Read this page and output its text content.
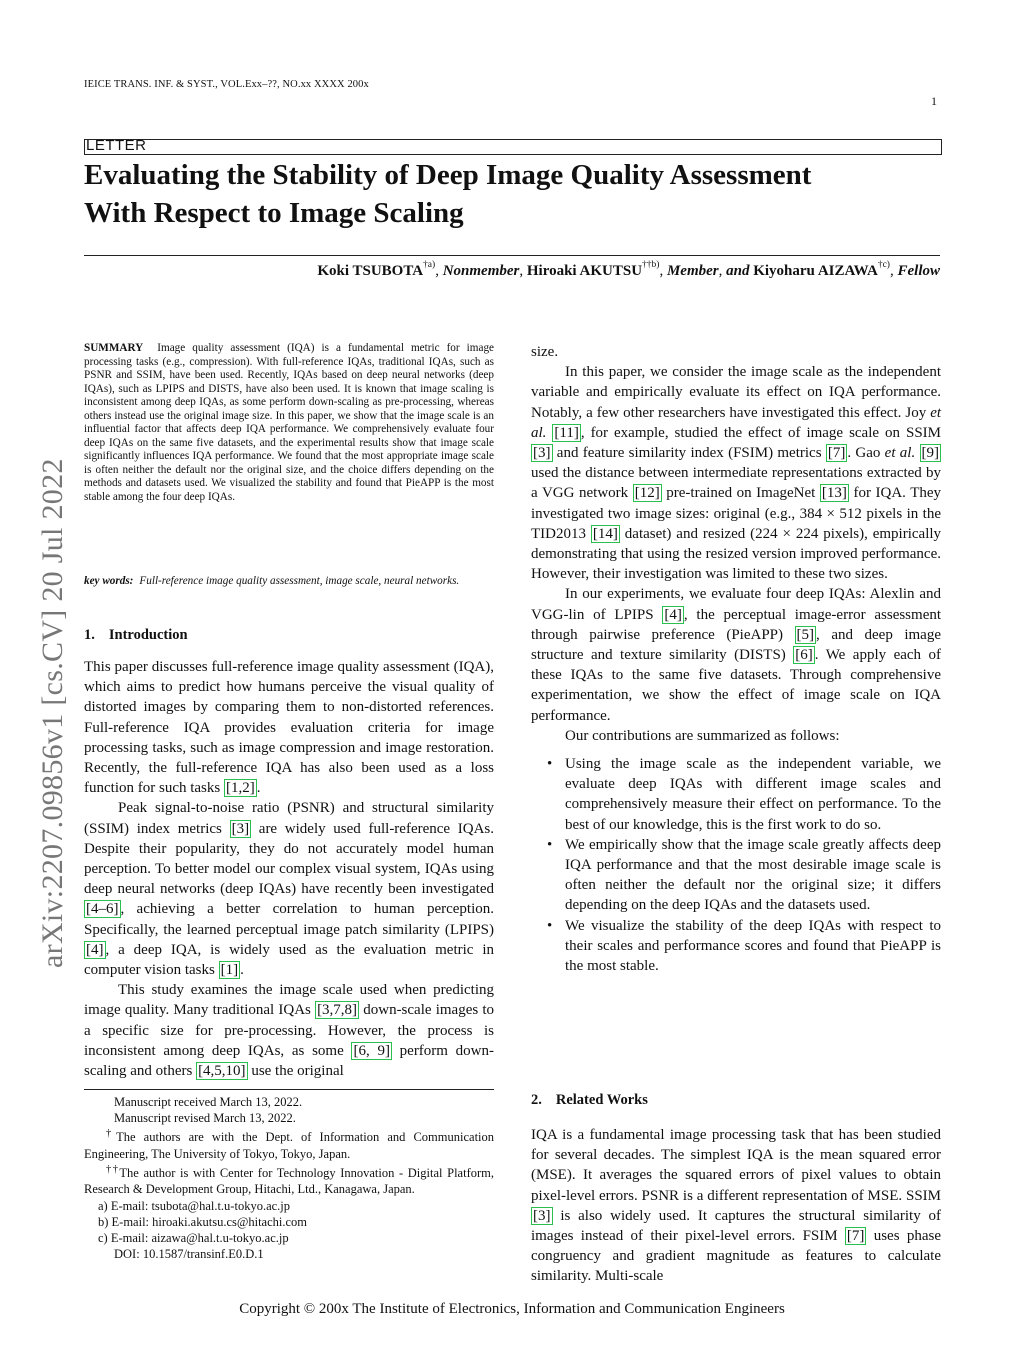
IEICE TRANS. INF. & SYST., VOL.Exx–??, NO.xx XXXX 200x
1
LETTER
Evaluating the Stability of Deep Image Quality Assessment
With Respect to Image Scaling
Koki TSUBOTA$^{\dagger a)}$, Nonmember, Hiroaki AKUTSU$^{\dagger\dagger b)}$, Member, and Kiyoharu AIZAWA$^{\dagger c)}$, Fellow
arXiv:2207.09856v1 [cs.CV] 20 Jul 2022
SUMMARY Image quality assessment (IQA) is a fundamental metric for image processing tasks (e.g., compression). With full-reference IQAs, traditional IQAs, such as PSNR and SSIM, have been used. Recently, IQAs based on deep neural networks (deep IQAs), such as LPIPS and DISTS, have also been used. It is known that image scaling is inconsistent among deep IQAs, as some perform down-scaling as pre-processing, whereas others instead use the original image size. In this paper, we show that the image scale is an influential factor that affects deep IQA performance. We comprehensively evaluate four deep IQAs on the same five datasets, and the experimental results show that image scale significantly influences IQA performance. We found that the most appropriate image scale is often neither the default nor the original size, and the choice differs depending on the methods and datasets used. We visualized the stability and found that PieAPP is the most stable among the four deep IQAs.
key words: Full-reference image quality assessment, image scale, neural networks.
1. Introduction

This paper discusses full-reference image quality assessment (IQA), which aims to predict how humans perceive the visual quality of distorted images by comparing them to non-distorted references. Full-reference IQA provides evaluation criteria for image processing tasks, such as image compression and image restoration. Recently, the full-reference IQA has also been used as a loss function for such tasks [1,2] .

Peak signal-to-noise ratio (PSNR) and structural similarity (SSIM) index metrics [3] are widely used full-reference IQAs. Despite their popularity, they do not accurately model human perception. To better model our complex visual system, IQAs using deep neural networks (deep IQAs) have recently been investigated [4–6] , achieving a better correlation to human perception. Specifically, the learned perceptual image patch similarity (LPIPS) [4] , a deep IQA, is widely used as the evaluation metric in computer vision tasks [1] .

This study examines the image scale used when predicting image quality. Many traditional IQAs [3,7,8] down-scale images to a specific size for pre-processing. However, the process is inconsistent among deep IQAs, as some [6, 9] perform down-scaling and others [4,5,10] use the original

Manuscript received March 13, 2022.

Manuscript revised March 13, 2022.

†The authors are with the Dept. of Information and Communication Engineering, The University of Tokyo, Tokyo, Japan.

††The author is with Center for Technology Innovation - Digital Platform, Research & Development Group, Hitachi, Ltd., Kanagawa, Japan.

a) E-mail: tsubota@hal.t.u-tokyo.ac.jp

b) E-mail: hiroaki.akutsu.cs@hitachi.com

c) E-mail: aizawa@hal.t.u-tokyo.ac.jp

DOI: 10.1587/transinf.E0.D.1

size.

In this paper, we consider the image scale as the independent variable and empirically evaluate its effect on IQA performance. Notably, a few other researchers have investigated this effect. Joy et al. [11] , for example, studied the effect of image scale on SSIM [3] and feature similarity index (FSIM) metrics [7] . Gao et al. [9] used the distance between intermediate representations extracted by a VGG network [12] pre-trained on ImageNet [13] for IQA. They investigated two image sizes: original (e.g., 384 × 512 pixels in the TID2013 [14] dataset) and resized (224 × 224 pixels), empirically demonstrating that using the resized version improved performance. However, their investigation was limited to these two sizes.

In our experiments, we evaluate four deep IQAs: Alexlin and VGG-lin of LPIPS [4] , the perceptual image-error assessment through pairwise preference (PieAPP) [5] , and deep image structure and texture similarity (DISTS) [6] . We apply each of these IQAs to the same five datasets. Through comprehensive experimentation, we show the effect of image scale on IQA performance.

Our contributions are summarized as follows:

• Using the image scale as the independent variable, we evaluate deep IQAs with different image scales and comprehensively measure their effect on performance. To the best of our knowledge, this is the first work to do so.
• We empirically show that the image scale greatly affects deep IQA performance and that the most desirable image scale is often neither the default nor the original size; it differs depending on the deep IQAs and the datasets used.
• We visualize the stability of the deep IQAs with respect to their scales and performance scores and found that PieAPP is the most stable.
2. Related Works

IQA is a fundamental image processing task that has been studied for several decades. The simplest IQA is the mean squared error (MSE). It averages the squared errors of pixel values to obtain pixel-level errors. PSNR is a different representation of MSE. SSIM [3] is also widely used. It captures the structural similarity of images instead of their pixel-level errors. FSIM [7] uses phase congruency and gradient magnitude as features to calculate similarity. Multi-scale

Copyright © 200x The Institute of Electronics, Information and Communication Engineers
